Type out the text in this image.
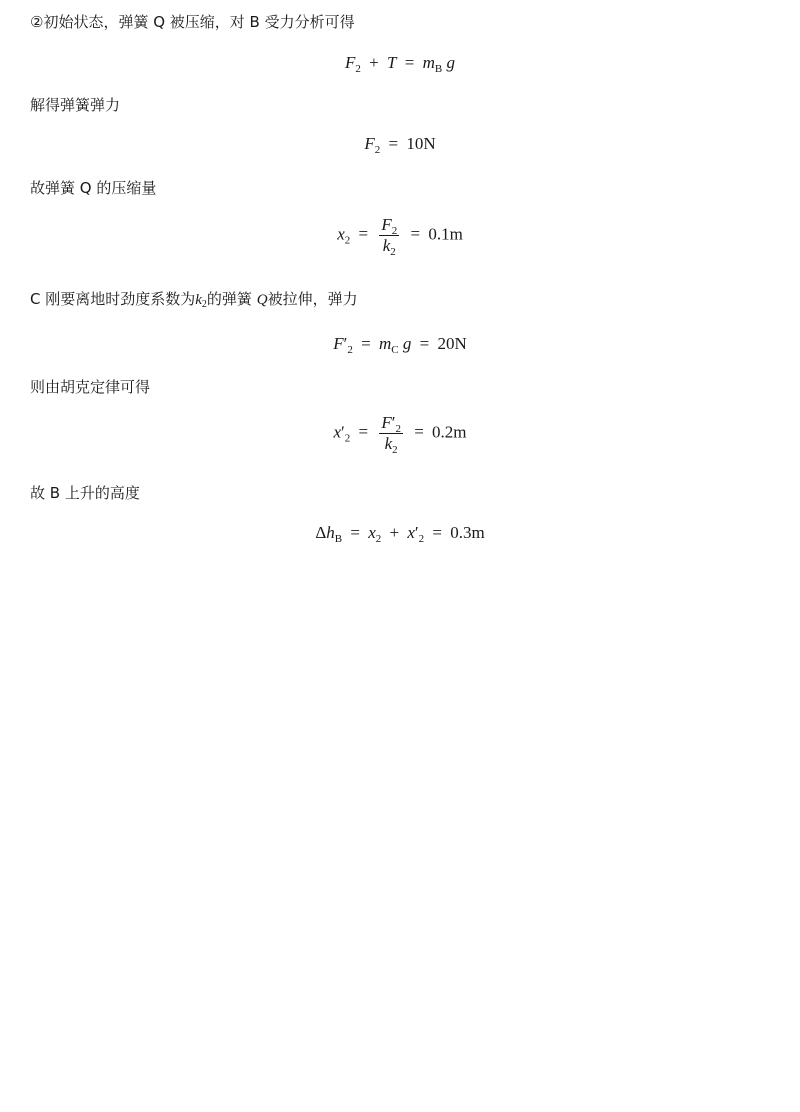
②初始状态，弹簧 Q 被压缩，对 B 受力分析可得
$F_2 + T = m_B$ g
解得弹簧弹力
$F_2 = 10N$
故弹簧 Q 的压缩量
$x_2 = \frac{F_2}{k_2} = 0.1m$
C 刚要离地时劲度系数为$k_2$的弹簧 Q被拉伸，弹力
$F'_2 = m_C$ g = 20N
则由胡克定律可得
$x'_2 = \frac{F'_2}{k_2} = 0.2m$
故 B 上升的高度
$\Delta h_B = x_2 + x'_2 = 0.3m$
